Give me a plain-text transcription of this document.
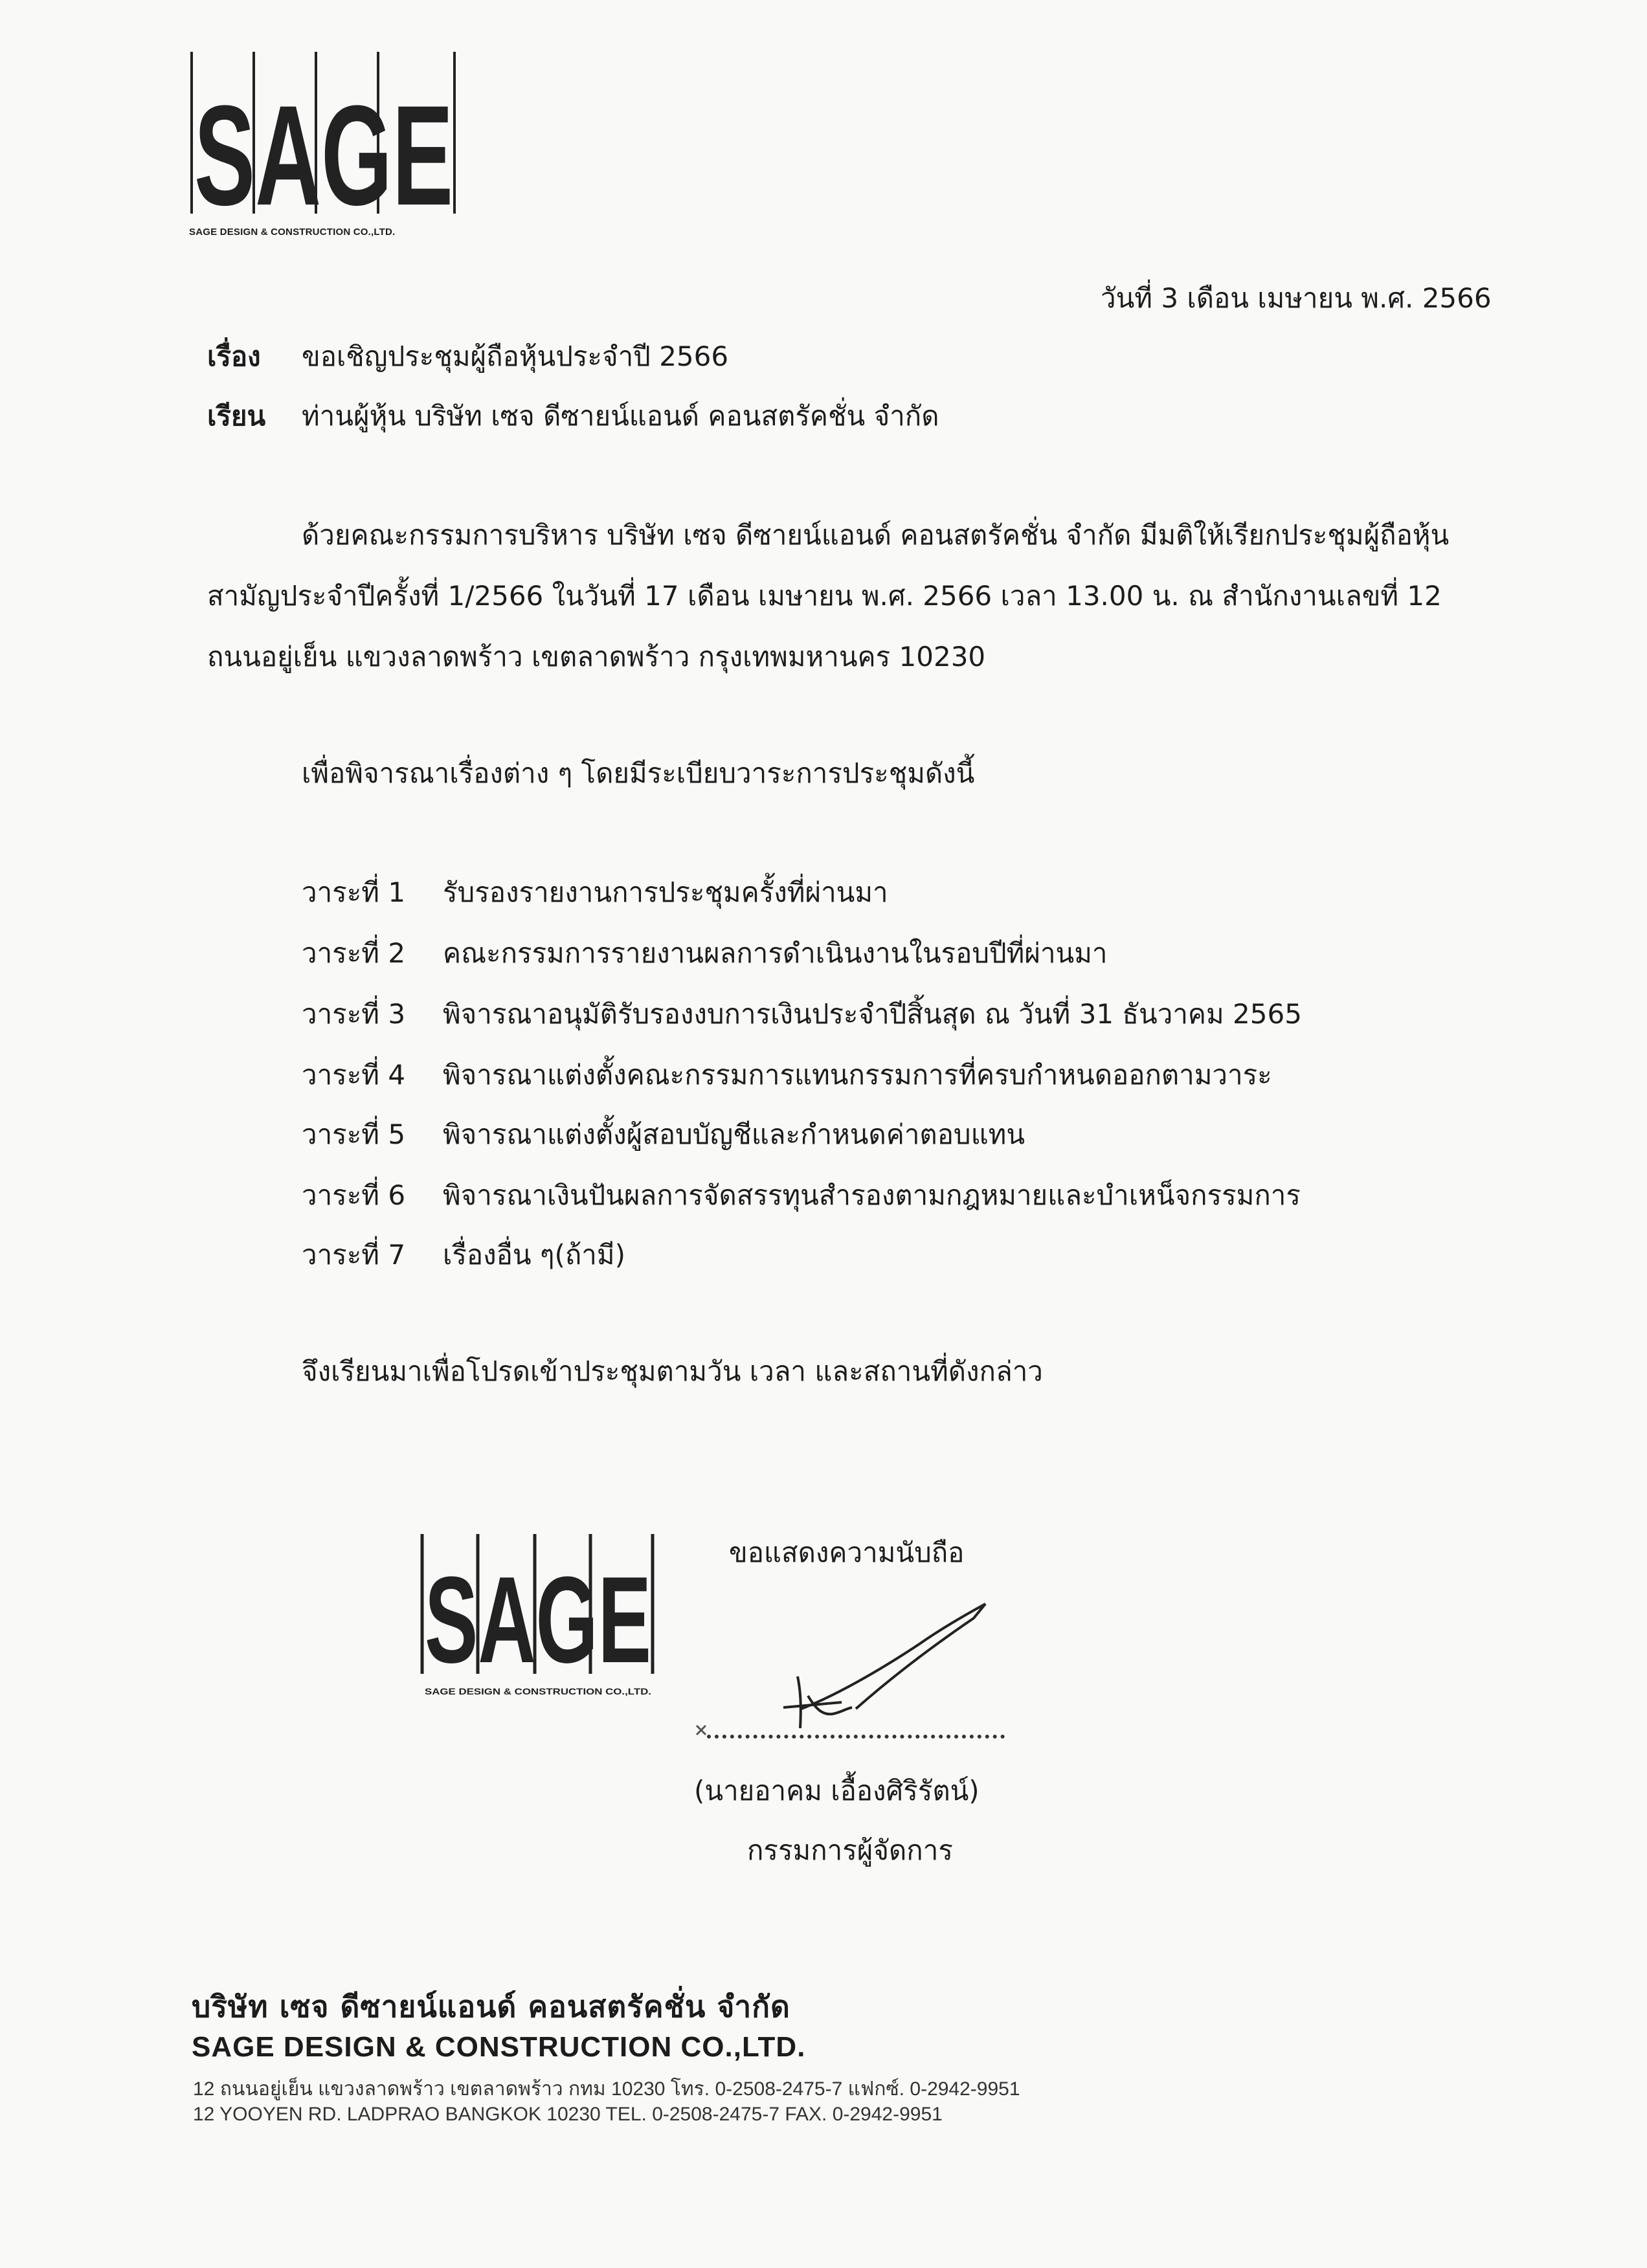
SAGE
SAGE DESIGN & CONSTRUCTION CO.,LTD.
วันที่ 3 เดือน เมษายน พ.ศ. 2566
เรื่อง ขอเชิญประชุมผู้ถือหุ้นประจำปี 2566
เรียน ท่านผู้หุ้น บริษัท เซจ ดีซายน์แอนด์ คอนสตรัคชั่น จำกัด
ด้วยคณะกรรมการบริหาร บริษัท เซจ ดีซายน์แอนด์ คอนสตรัคชั่น จำกัด มีมติให้เรียกประชุมผู้ถือหุ้น
สามัญประจำปีครั้งที่ 1/2566 ในวันที่ 17 เดือน เมษายน พ.ศ. 2566 เวลา 13.00 น. ณ สำนักงานเลขที่ 12
ถนนอยู่เย็น แขวงลาดพร้าว เขตลาดพร้าว กรุงเทพมหานคร 10230
เพื่อพิจารณาเรื่องต่าง ๆ โดยมีระเบียบวาระการประชุมดังนี้
วาระที่ 1 รับรองรายงานการประชุมครั้งที่ผ่านมา
วาระที่ 2 คณะกรรมการรายงานผลการดำเนินงานในรอบปีที่ผ่านมา
วาระที่ 3 พิจารณาอนุมัติรับรองงบการเงินประจำปีสิ้นสุด ณ วันที่ 31 ธันวาคม 2565
วาระที่ 4 พิจารณาแต่งตั้งคณะกรรมการแทนกรรมการที่ครบกำหนดออกตามวาระ
วาระที่ 5 พิจารณาแต่งตั้งผู้สอบบัญชีและกำหนดค่าตอบแทน
วาระที่ 6 พิจารณาเงินปันผลการจัดสรรทุนสำรองตามกฎหมายและบำเหน็จกรรมการ
วาระที่ 7 เรื่องอื่น ๆ(ถ้ามี)
จึงเรียนมาเพื่อโปรดเข้าประชุมตามวัน เวลา และสถานที่ดังกล่าว
SAGE
SAGE DESIGN & CONSTRUCTION CO.,LTD.
ขอแสดงความนับถือ
(นายอาคม เอื้องศิริรัตน์)
กรรมการผู้จัดการ
บริษัท เซจ ดีซายน์แอนด์ คอนสตรัคชั่น จำกัด
SAGE DESIGN & CONSTRUCTION CO.,LTD.
12 ถนนอยู่เย็น แขวงลาดพร้าว เขตลาดพร้าว กทม 10230 โทร. 0-2508-2475-7 แฟกซ์. 0-2942-9951
12 YOOYEN RD. LADPRAO BANGKOK 10230 TEL. 0-2508-2475-7 FAX. 0-2942-9951
